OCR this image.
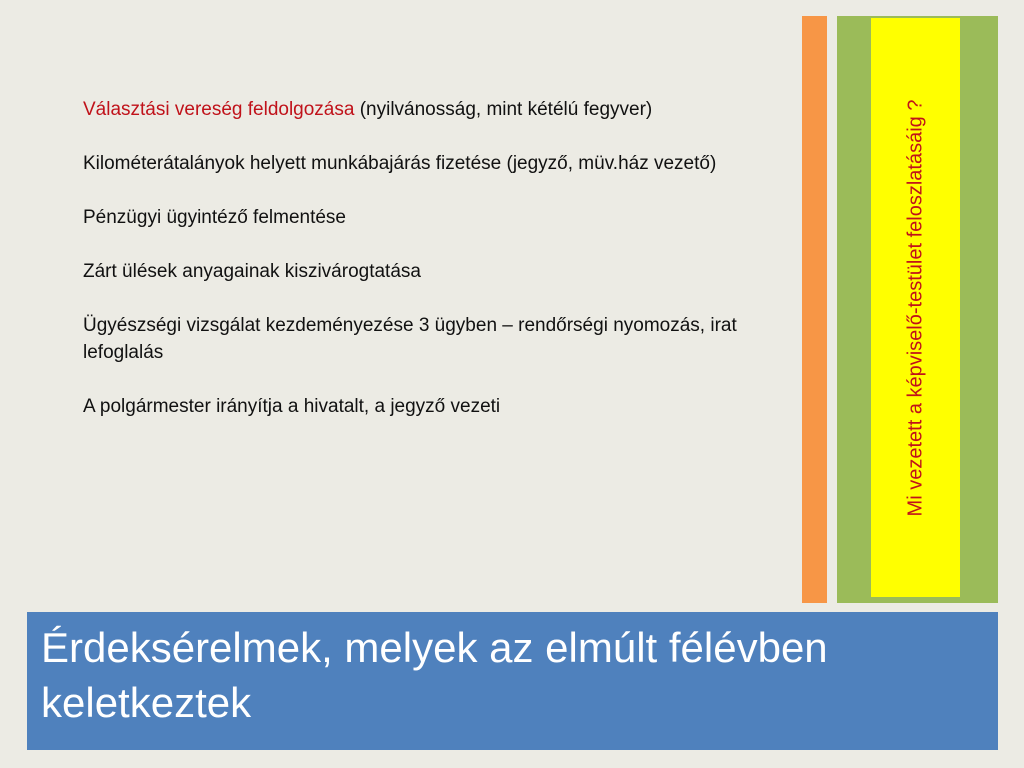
Választási vereség feldolgozása (nyilvánosság, mint kétélú fegyver)

Kilométerátalányok helyett munkábajárás fizetése (jegyző, müv.ház vezető)

Pénzügyi ügyintéző felmentése

Zárt ülések anyagainak kiszivárogtatása

Ügyészségi vizsgálat kezdeményezése 3 ügyben – rendőrségi nyomozás, irat lefoglalás

A polgármester irányítja a hivatalt, a jegyző vezeti	Mi vezetett a képviselő-testület feloszlatásáig ?
Érdeksérelmek, melyek az elmúlt félévben keletkeztek
